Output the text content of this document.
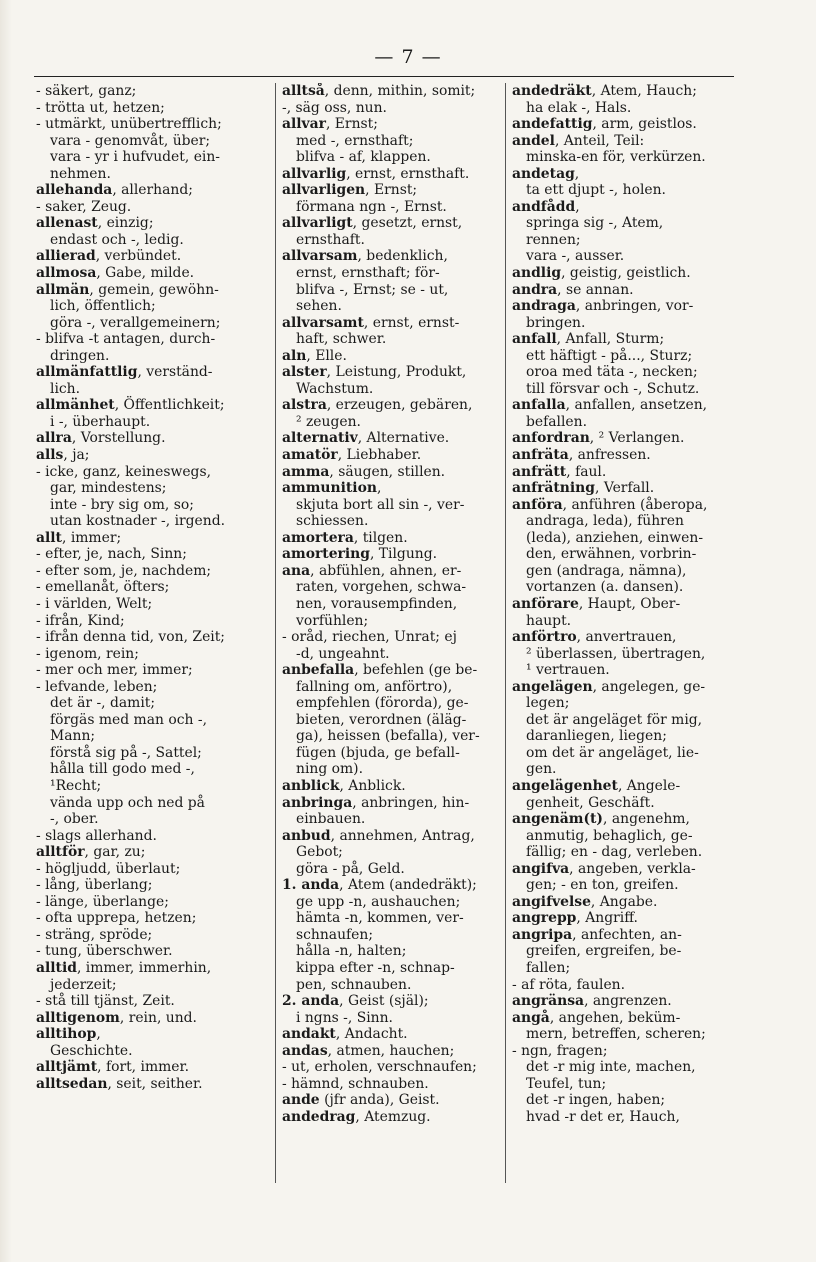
— 7 —
- säkert, ganz;
- trötta ut, hetzen;
- utmärkt, unübertrefflich;
vara - genomvåt, über;
vara - yr i hufvudet, ein-
nehmen.
allehanda, allerhand;
- saker, Zeug.
allenast, einzig;
endast och -, ledig.
allierad, verbündet.
allmosa, Gabe, milde.
allmän, gemein, gewöhn-
lich, öffentlich;
göra -, verallgemeinern;
- blifva -t antagen, durch-
dringen.
allmänfattlig, verständ-
lich.
allmänhet, Öffentlichkeit;
i -, überhaupt.
allra, Vorstellung.
alls, ja;
- icke, ganz, keineswegs,
gar, mindestens;
inte - bry sig om, so;
utan kostnader -, irgend.
allt, immer;
- efter, je, nach, Sinn;
- efter som, je, nachdem;
- emellanåt, öfters;
- i världen, Welt;
- ifrån, Kind;
- ifrån denna tid, von, Zeit;
- igenom, rein;
- mer och mer, immer;
- lefvande, leben;
det är -, damit;
förgäs med man och -,
Mann;
förstå sig på -, Sattel;
hålla till godo med -,
¹Recht;
vända upp och ned på
-, ober.
- slags allerhand.
alltför, gar, zu;
- högljudd, überlaut;
- lång, überlang;
- länge, überlange;
- ofta upprepa, hetzen;
- sträng, spröde;
- tung, überschwer.
alltid, immer, immerhin,
jederzeit;
- stå till tjänst, Zeit.
alltigenom, rein, und.
alltihop,
Geschichte.
alltjämt, fort, immer.
alltsedan, seit, seither.
alltså, denn, mithin, somit;
-, säg oss, nun.
allvar, Ernst;
med -, ernsthaft;
blifva - af, klappen.
allvarlig, ernst, ernsthaft.
allvarligen, Ernst;
förmana ngn -, Ernst.
allvarligt, gesetzt, ernst,
ernsthaft.
allvarsam, bedenklich,
ernst, ernsthaft; för-
blifva -, Ernst; se - ut,
sehen.
allvarsamt, ernst, ernst-
haft, schwer.
aln, Elle.
alster, Leistung, Produkt,
Wachstum.
alstra, erzeugen, gebären,
² zeugen.
alternativ, Alternative.
amatör, Liebhaber.
amma, säugen, stillen.
ammunition,
skjuta bort all sin -, ver-
schiessen.
amortera, tilgen.
amortering, Tilgung.
ana, abfühlen, ahnen, er-
raten, vorgehen, schwa-
nen, vorausempfinden,
vorfühlen;
- oråd, riechen, Unrat; ej
-d, ungeahnt.
anbefalla, befehlen (ge be-
fallning om, anförtro),
empfehlen (förorda), ge-
bieten, verordnen (äläg-
ga), heissen (befalla), ver-
fügen (bjuda, ge befall-
ning om).
anblick, Anblick.
anbringa, anbringen, hin-
einbauen.
anbud, annehmen, Antrag,
Gebot;
göra - på, Geld.
1. anda, Atem (andedräkt);
ge upp -n, aushauchen;
hämta -n, kommen, ver-
schnaufen;
hålla -n, halten;
kippa efter -n, schnap-
pen, schnauben.
2. anda, Geist (själ);
i ngns -, Sinn.
andakt, Andacht.
andas, atmen, hauchen;
- ut, erholen, verschnaufen;
- hämnd, schnauben.
ande (jfr anda), Geist.
andedrag, Atemzug.
andedräkt, Atem, Hauch;
ha elak -, Hals.
andefattig, arm, geistlos.
andel, Anteil, Teil:
minska-en för, verkürzen.
andetag,
ta ett djupt -, holen.
andfådd,
springa sig -, Atem,
rennen;
vara -, ausser.
andlig, geistig, geistlich.
andra, se annan.
andraga, anbringen, vor-
bringen.
anfall, Anfall, Sturm;
ett häftigt - på..., Sturz;
oroa med täta -, necken;
till försvar och -, Schutz.
anfalla, anfallen, ansetzen,
befallen.
anfordran, ² Verlangen.
anfräta, anfressen.
anfrätt, faul.
anfrätning, Verfall.
anföra, anführen (åberopa,
andraga, leda), führen
(leda), anziehen, einwen-
den, erwähnen, vorbrin-
gen (andraga, nämna),
vortanzen (a. dansen).
anförare, Haupt, Ober-
haupt.
anförtro, anvertrauen,
² überlassen, übertragen,
¹ vertrauen.
angelägen, angelegen, ge-
legen;
det är angeläget för mig,
daranliegen, liegen;
om det är angeläget, lie-
gen.
angelägenhet, Angele-
genheit, Geschäft.
angenäm(t), angenehm,
anmutig, behaglich, ge-
fällig; en - dag, verleben.
angifva, angeben, verkla-
gen; - en ton, greifen.
angifvelse, Angabe.
angrepp, Angriff.
angripa, anfechten, an-
greifen, ergreifen, be-
fallen;
- af röta, faulen.
angränsa, angrenzen.
angå, angehen, beküm-
mern, betreffen, scheren;
- ngn, fragen;
det -r mig inte, machen,
Teufel, tun;
det -r ingen, haben;
hvad -r det er, Hauch,
